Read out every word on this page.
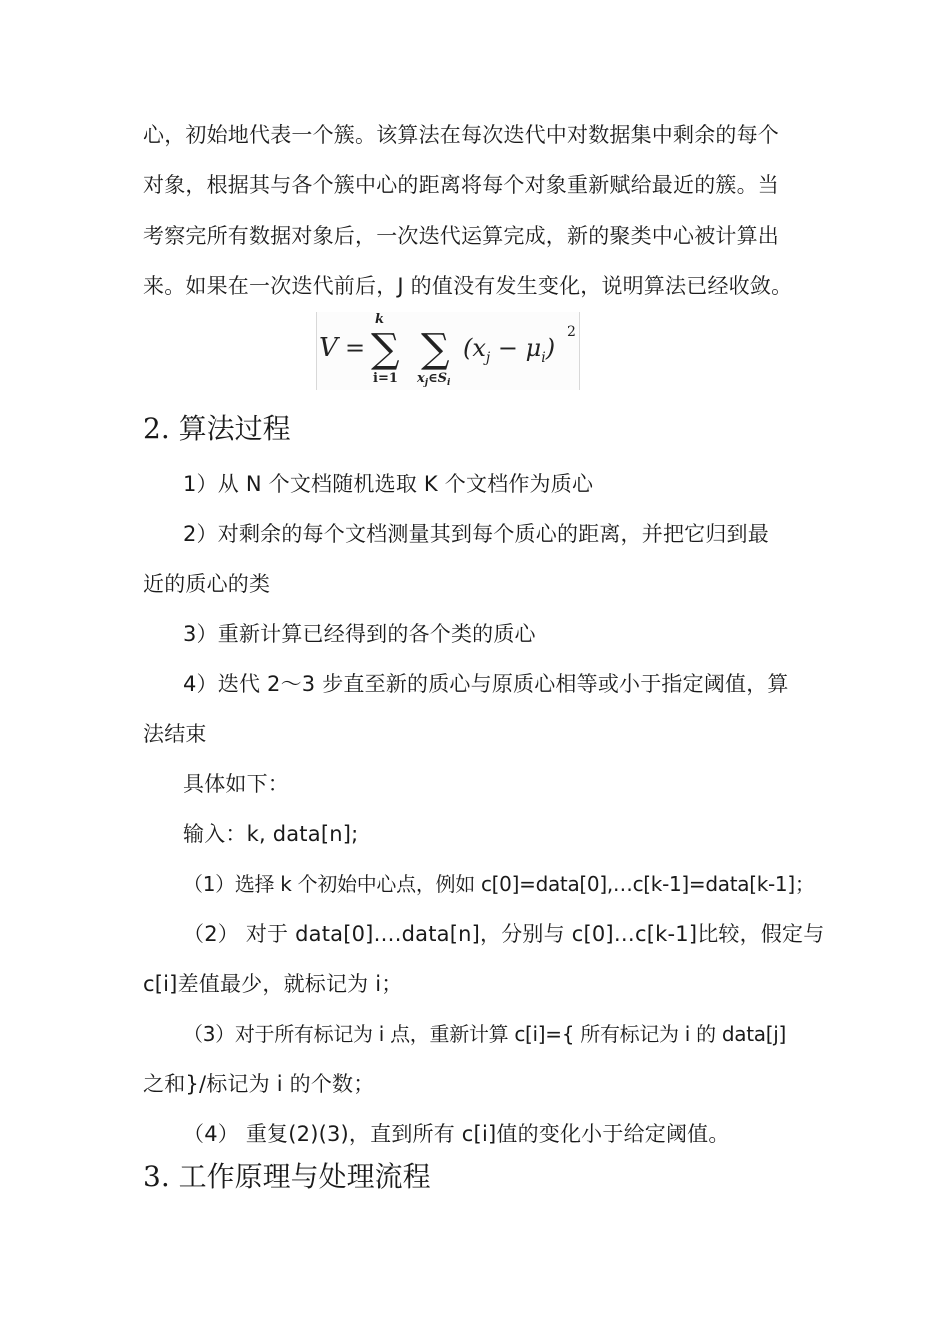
心，初始地代表一个簇。该算法在每次迭代中对数据集中剩余的每个
对象，根据其与各个簇中心的距离将每个对象重新赋给最近的簇。当
考察完所有数据对象后，一次迭代运算完成，新的聚类中心被计算出
来。如果在一次迭代前后，J 的值没有发生变化，说明算法已经收敛。
V =
k
∑
i=1
∑
$x_j\in S_i$
$(x_j - \mu_i)$
2
2. 算法过程
1）从 N 个文档随机选取 K 个文档作为质心
2）对剩余的每个文档测量其到每个质心的距离，并把它归到最
近的质心的类
3）重新计算已经得到的各个类的质心
4）迭代 2～3 步直至新的质心与原质心相等或小于指定阈值，算
法结束
具体如下：
输入：k, data[n];
（1）选择 k 个初始中心点，例如 c[0]=data[0],…c[k-1]=data[k-1]；
（2） 对于 data[0]….data[n]，分别与 c[0]…c[k-1]比较，假定与
c[i]差值最少，就标记为 i；
（3）对于所有标记为 i 点，重新计算 c[i]={ 所有标记为 i 的 data[j]
之和}/标记为 i 的个数；
（4） 重复(2)(3)，直到所有 c[i]值的变化小于给定阈值。
3. 工作原理与处理流程
